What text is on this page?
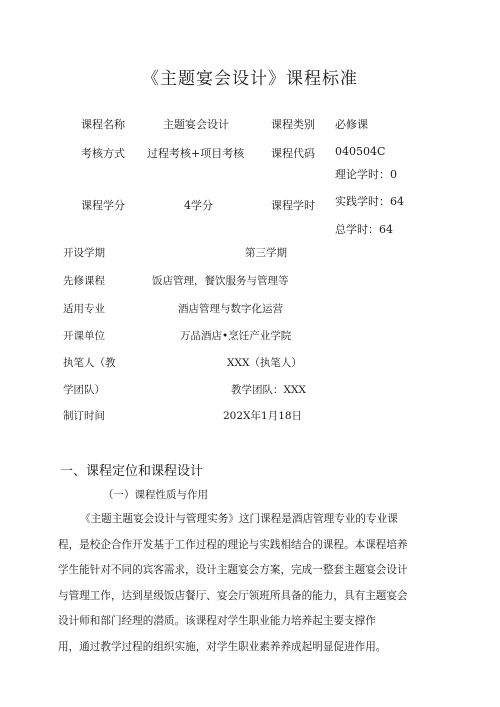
《主题宴会设计》课程标准
课程名称	主题宴会设计	课程类别 必修课
考核方式 过程考核+项目考核 课程代码 040504C
理论学时：0
课程学分	4学分	课程学时 实践学时：64
总学时：64
开设学期	第三学期
先修课程	饭店管理，餐饮服务与管理等
适用专业	酒店管理与数字化运营
开课单位	万品酒店•烹饪产业学院
执笔人（教	XXX（执笔人）
学团队）	教学团队：XXX
制订时间	202X年1月18日
一、课程定位和课程设计
（一）课程性质与作用
《主题主题宴会设计与管理实务》这门课程是酒店管理专业的专业课
程，是校企合作开发基于工作过程的理论与实践相结合的课程。本课程培养
学生能针对不同的宾客需求，设计主题宴会方案，完成一整套主题宴会设计
与管理工作，达到星级饭店餐厅、宴会厅领班所具备的能力，具有主题宴会
设计师和部门经理的潜质。该课程对学生职业能力培养起主要支撑作
用，通过教学过程的组织实施，对学生职业素养养成起明显促进作用。
